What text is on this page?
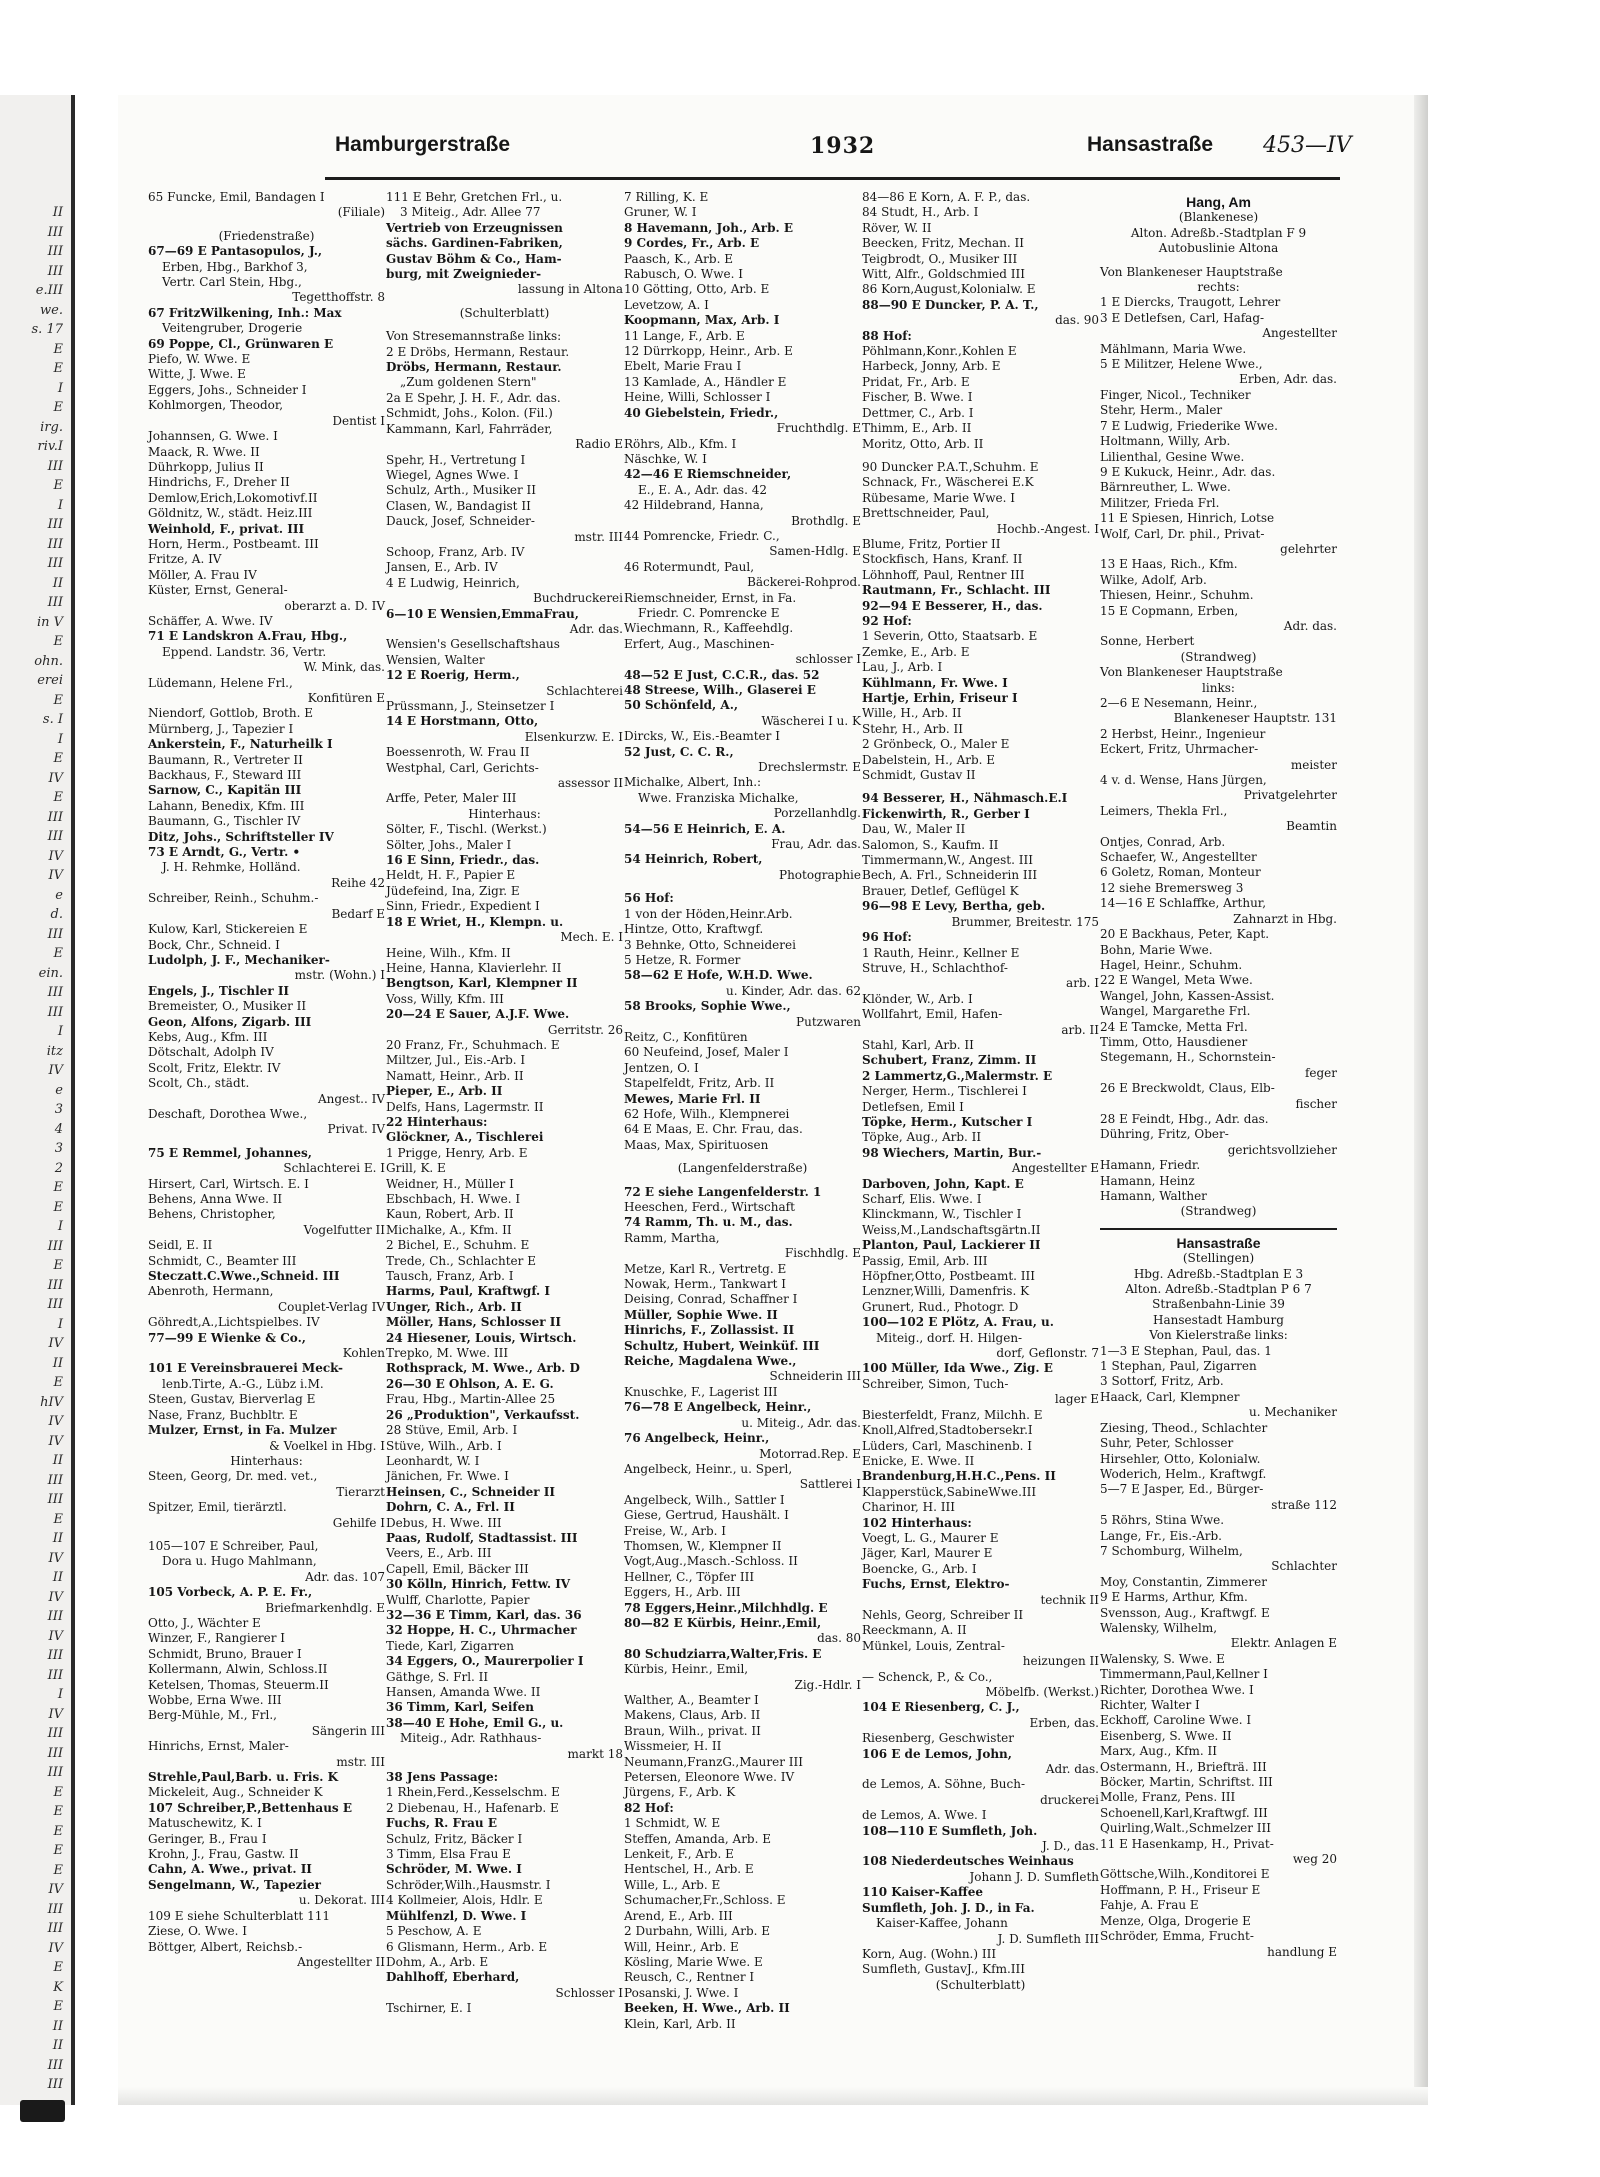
II
III
III
III
e.III
we.
s. 17
E
E
I
E
irg.
riv.I
III
E
I
III
III
III
II
III
in V
E
ohn.
erei
E
s. I
I
E
IV
E
III
III
IV
IV
e
d.
III
E
ein.
III
III
I
itz
IV
e
3
4
3
2
E
E
I
III
E
III
III
I
IV
II
E
hIV
IV
IV
II
III
III
E
II
IV
II
IV
III
IV
III
III
I
IV
III
III
III
E
E
E
E
E
IV
III
III
IV
E
K
E
II
II
III
III
Hamburgerstraße	1932	Hansastraße 453—IV
65 Funcke, Emil, Bandagen I
(Filiale)
(Friedenstraße)
67—69 E Pantasopulos, J.,
Erben, Hbg., Barkhof 3,
Vertr. Carl Stein, Hbg.,
Tegetthoffstr. 8
67 FritzWilkening, Inh.: Max
Veitengruber, Drogerie
69 Poppe, Cl., Grünwaren E
Piefo, W. Wwe. E
Witte, J. Wwe. E
Eggers, Johs., Schneider I
Kohlmorgen, Theodor,
Dentist I
Johannsen, G. Wwe. I
Maack, R. Wwe. II
Dührkopp, Julius II
Hindrichs, F., Dreher II
Demlow,Erich,Lokomotivf.II
Göldnitz, W., städt. Heiz.III
Weinhold, F., privat. III
Horn, Herm., Postbeamt. III
Fritze, A. IV
Möller, A. Frau IV
Küster, Ernst, General-
oberarzt a. D. IV
Schäffer, A. Wwe. IV
71 E Landskron A.Frau, Hbg.,
Eppend. Landstr. 36, Vertr.
W. Mink, das.
Lüdemann, Helene Frl.,
Konfitüren E
Niendorf, Gottlob, Broth. E
Mürnberg, J., Tapezier I
Ankerstein, F., Naturheilk I
Baumann, R., Vertreter II
Backhaus, F., Steward III
Sarnow, C., Kapitän III
Lahann, Benedix, Kfm. III
Baumann, G., Tischler IV
Ditz, Johs., Schriftsteller IV
73 E Arndt, G., Vertr. •
J. H. Rehmke, Holländ.
Reihe 42
Schreiber, Reinh., Schuhm.-
Bedarf E
Kulow, Karl, Stickereien E
Bock, Chr., Schneid. I
Ludolph, J. F., Mechaniker-
mstr. (Wohn.) I
Engels, J., Tischler II
Bremeister, O., Musiker II
Geon, Alfons, Zigarb. III
Kebs, Aug., Kfm. III
Dötschalt, Adolph IV
Scolt, Fritz, Elektr. IV
Scolt, Ch., städt.
Angest.. IV
Deschaft, Dorothea Wwe.,
Privat. IV
75 E Remmel, Johannes,
Schlachterei E. I
Hirsert, Carl, Wirtsch. E. I
Behens, Anna Wwe. II
Behens, Christopher,
Vogelfutter II
Seidl, E. II
Schmidt, C., Beamter III
Steczatt.C.Wwe.,Schneid. III
Abenroth, Hermann,
Couplet-Verlag IV
Göhredt,A.,Lichtspielbes. IV
77—99 E Wienke & Co.,
Kohlen
101 E Vereinsbrauerei Meck-
lenb.Tirte, A.-G., Lübz i.M.
Steen, Gustav, Bierverlag E
Nase, Franz, Buchbltr. E
Mulzer, Ernst, in Fa. Mulzer
& Voelkel in Hbg. I
Hinterhaus:
Steen, Georg, Dr. med. vet.,
Tierarzt
Spitzer, Emil, tierärztl.
Gehilfe I
105—107 E Schreiber, Paul,
Dora u. Hugo Mahlmann,
Adr. das. 107
105 Vorbeck, A. P. E. Fr.,
Briefmarkenhdlg. E
Otto, J., Wächter E
Winzer, F., Rangierer I
Schmidt, Bruno, Brauer I
Kollermann, Alwin, Schloss.II
Ketelsen, Thomas, Steuerm.II
Wobbe, Erna Wwe. III
Berg-Mühle, M., Frl.,
Sängerin III
Hinrichs, Ernst, Maler-
mstr. III
Strehle,Paul,Barb. u. Fris. K
Mickeleit, Aug., Schneider K
107 Schreiber,P.,Bettenhaus E
Matuschewitz, K. I
Geringer, B., Frau I
Krohn, J., Frau, Gastw. II
Cahn, A. Wwe., privat. II
Sengelmann, W., Tapezier
u. Dekorat. III
109 E siehe Schulterblatt 111
Ziese, O. Wwe. I
Böttger, Albert, Reichsb.-
Angestellter II
111 E Behr, Gretchen Frl., u.
3 Miteig., Adr. Allee 77
Vertrieb von Erzeugnissen
sächs. Gardinen-Fabriken,
Gustav Böhm & Co., Ham-
burg, mit Zweignieder-
lassung in Altona
(Schulterblatt)
Von Stresemannstraße links:
2 E Dröbs, Hermann, Restaur.
Dröbs, Hermann, Restaur.
„Zum goldenen Stern"
2a E Spehr, J. H. F., Adr. das.
Schmidt, Johs., Kolon. (Fil.)
Kammann, Karl, Fahrräder,
Radio E
Spehr, H., Vertretung I
Wiegel, Agnes Wwe. I
Schulz, Arth., Musiker II
Clasen, W., Bandagist II
Dauck, Josef, Schneider-
mstr. III
Schoop, Franz, Arb. IV
Jansen, E., Arb. IV
4 E Ludwig, Heinrich,
Buchdruckerei
6—10 E Wensien,EmmaFrau,
Adr. das.
Wensien's Gesellschaftshaus
Wensien, Walter
12 E Roerig, Herm.,
Schlachterei
Prüssmann, J., Steinsetzer I
14 E Horstmann, Otto,
Elsenkurzw. E. I
Boessenroth, W. Frau II
Westphal, Carl, Gerichts-
assessor II
Arffe, Peter, Maler III
Hinterhaus:
Sölter, F., Tischl. (Werkst.)
Sölter, Johs., Maler I
16 E Sinn, Friedr., das.
Heldt, H. F., Papier E
Jüdefeind, Ina, Zigr. E
Sinn, Friedr., Expedient I
18 E Wriet, H., Klempn. u.
Mech. E. I
Heine, Wilh., Kfm. II
Heine, Hanna, Klavierlehr. II
Bengtson, Karl, Klempner II
Voss, Willy, Kfm. III
20—24 E Sauer, A.J.F. Wwe.
Gerritstr. 26
20 Franz, Fr., Schuhmach. E
Miltzer, Jul., Eis.-Arb. I
Namatt, Heinr., Arb. II
Pieper, E., Arb. II
Delfs, Hans, Lagermstr. II
22 Hinterhaus:
Glöckner, A., Tischlerei
1 Prigge, Henry, Arb. E
Grill, K. E
Weidner, H., Müller I
Ebschbach, H. Wwe. I
Kaun, Robert, Arb. II
Michalke, A., Kfm. II
2 Bichel, E., Schuhm. E
Trede, Ch., Schlachter E
Tausch, Franz, Arb. I
Harms, Paul, Kraftwgf. I
Unger, Rich., Arb. II
Möller, Hans, Schlosser II
24 Hiesener, Louis, Wirtsch.
Trepko, M. Wwe. III
Rothsprack, M. Wwe., Arb. D
26—30 E Ohlson, A. E. G.
Frau, Hbg., Martin-Allee 25
26 „Produktion", Verkaufsst.
28 Stüve, Emil, Arb. I
Stüve, Wilh., Arb. I
Leonhardt, W. I
Jänichen, Fr. Wwe. I
Heinsen, C., Schneider II
Dohrn, C. A., Frl. II
Debus, H. Wwe. III
Paas, Rudolf, Stadtassist. III
Veers, E., Arb. III
Capell, Emil, Bäcker III
30 Kölln, Hinrich, Fettw. IV
Wulff, Charlotte, Papier
32—36 E Timm, Karl, das. 36
32 Hoppe, H. C., Uhrmacher
Tiede, Karl, Zigarren
34 Eggers, O., Maurerpolier I
Gäthge, S. Frl. II
Hansen, Amanda Wwe. II
36 Timm, Karl, Seifen
38—40 E Hohe, Emil G., u.
Miteig., Adr. Rathhaus-
markt 18
38 Jens Passage:
1 Rhein,Ferd.,Kesselschm. E
2 Diebenau, H., Hafenarb. E
Fuchs, R. Frau E
Schulz, Fritz, Bäcker I
3 Timm, Elsa Frau E
Schröder, M. Wwe. I
Schröder,Wilh.,Hausmstr. I
4 Kollmeier, Alois, Hdlr. E
Mühlfenzl, D. Wwe. I
5 Peschow, A. E
6 Glismann, Herm., Arb. E
Dohm, A., Arb. E
Dahlhoff, Eberhard,
Schlosser I
Tschirner, E. I
7 Rilling, K. E
Gruner, W. I
8 Havemann, Joh., Arb. E
9 Cordes, Fr., Arb. E
Paasch, K., Arb. E
Rabusch, O. Wwe. I
10 Götting, Otto, Arb. E
Levetzow, A. I
Koopmann, Max, Arb. I
11 Lange, F., Arb. E
12 Dürrkopp, Heinr., Arb. E
Ebelt, Marie Frau I
13 Kamlade, A., Händler E
Heine, Willi, Schlosser I
40 Giebelstein, Friedr.,
Fruchthdlg. E
Röhrs, Alb., Kfm. I
Näschke, W. I
42—46 E Riemschneider,
E., E. A., Adr. das. 42
42 Hildebrand, Hanna,
Brothdlg. E
44 Pomrencke, Friedr. C.,
Samen-Hdlg. E
46 Rotermundt, Paul,
Bäckerei-Rohprod.
Riemschneider, Ernst, in Fa.
Friedr. C. Pomrencke E
Wiechmann, R., Kaffeehdlg.
Erfert, Aug., Maschinen-
schlosser I
48—52 E Just, C.C.R., das. 52
48 Streese, Wilh., Glaserei E
50 Schönfeld, A.,
Wäscherei I u. K
Dircks, W., Eis.-Beamter I
52 Just, C. C. R.,
Drechslermstr. E
Michalke, Albert, Inh.:
Wwe. Franziska Michalke,
Porzellanhdlg.
54—56 E Heinrich, E. A.
Frau, Adr. das.
54 Heinrich, Robert,
Photographie
56 Hof:
1 von der Höden,Heinr.Arb.
Hintze, Otto, Kraftwgf.
3 Behnke, Otto, Schneiderei
5 Hetze, R. Former
58—62 E Hofe, W.H.D. Wwe.
u. Kinder, Adr. das. 62
58 Brooks, Sophie Wwe.,
Putzwaren
Reitz, C., Konfitüren
60 Neufeind, Josef, Maler I
Jentzen, O. I
Stapelfeldt, Fritz, Arb. II
Mewes, Marie Frl. II
62 Hofe, Wilh., Klempnerei
64 E Maas, E. Chr. Frau, das.
Maas, Max, Spirituosen
(Langenfelderstraße)
72 E siehe Langenfelderstr. 1
Heeschen, Ferd., Wirtschaft
74 Ramm, Th. u. M., das.
Ramm, Martha,
Fischhdlg. E
Metze, Karl R., Vertretg. E
Nowak, Herm., Tankwart I
Deising, Conrad, Schaffner I
Müller, Sophie Wwe. II
Hinrichs, F., Zollassist. II
Schultz, Hubert, Weinküf. III
Reiche, Magdalena Wwe.,
Schneiderin III
Knuschke, F., Lagerist III
76—78 E Angelbeck, Heinr.,
u. Miteig., Adr. das.
76 Angelbeck, Heinr.,
Motorrad.Rep. E
Angelbeck, Heinr., u. Sperl,
Sattlerei I
Angelbeck, Wilh., Sattler I
Giese, Gertrud, Haushält. I
Freise, W., Arb. I
Thomsen, W., Klempner II
Vogt,Aug.,Masch.-Schloss. II
Hellner, C., Töpfer III
Eggers, H., Arb. III
78 Eggers,Heinr.,Milchhdlg. E
80—82 E Kürbis, Heinr.,Emil,
das. 80
80 Schudziarra,Walter,Fris. E
Kürbis, Heinr., Emil,
Zig.-Hdlr. I
Walther, A., Beamter I
Makens, Claus, Arb. II
Braun, Wilh., privat. II
Wissmeier, H. II
Neumann,FranzG.,Maurer III
Petersen, Eleonore Wwe. IV
Jürgens, F., Arb. K
82 Hof:
1 Schmidt, W. E
Steffen, Amanda, Arb. E
Lenkeit, F., Arb. E
Hentschel, H., Arb. E
Wille, L., Arb. E
Schumacher,Fr.,Schloss. E
Arend, E., Arb. III
2 Durbahn, Willi, Arb. E
Will, Heinr., Arb. E
Kösling, Marie Wwe. E
Reusch, C., Rentner I
Posanski, J. Wwe. I
Beeken, H. Wwe., Arb. II
Klein, Karl, Arb. II
84—86 E Korn, A. F. P., das.
84 Studt, H., Arb. I
Röver, W. II
Beecken, Fritz, Mechan. II
Teigbrodt, O., Musiker III
Witt, Alfr., Goldschmied III
86 Korn,August,Kolonialw. E
88—90 E Duncker, P. A. T.,
das. 90
88 Hof:
Pöhlmann,Konr.,Kohlen E
Harbeck, Jonny, Arb. E
Pridat, Fr., Arb. E
Fischer, B. Wwe. I
Dettmer, C., Arb. I
Thimm, E., Arb. II
Moritz, Otto, Arb. II
90 Duncker P.A.T.,Schuhm. E
Schnack, Fr., Wäscherei E.K
Rübesame, Marie Wwe. I
Brettschneider, Paul,
Hochb.-Angest. I
Blume, Fritz, Portier II
Stockfisch, Hans, Kranf. II
Löhnhoff, Paul, Rentner III
Rautmann, Fr., Schlacht. III
92—94 E Besserer, H., das.
92 Hof:
1 Severin, Otto, Staatsarb. E
Zemke, E., Arb. E
Lau, J., Arb. I
Kühlmann, Fr. Wwe. I
Hartje, Erhin, Friseur I
Wille, H., Arb. II
Stehr, H., Arb. II
2 Grönbeck, O., Maler E
Dabelstein, H., Arb. E
Schmidt, Gustav II
94 Besserer, H., Nähmasch.E.I
Fickenwirth, R., Gerber I
Dau, W., Maler II
Salomon, S., Kaufm. II
Timmermann,W., Angest. III
Bech, A. Frl., Schneiderin III
Brauer, Detlef, Geflügel K
96—98 E Levy, Bertha, geb.
Brummer, Breitestr. 175
96 Hof:
1 Rauth, Heinr., Kellner E
Struve, H., Schlachthof-
arb. I
Klönder, W., Arb. I
Wollfahrt, Emil, Hafen-
arb. II
Stahl, Karl, Arb. II
Schubert, Franz, Zimm. II
2 Lammertz,G.,Malermstr. E
Nerger, Herm., Tischlerei I
Detlefsen, Emil I
Töpke, Herm., Kutscher I
Töpke, Aug., Arb. II
98 Wiechers, Martin, Bur.-
Angestellter E
Darboven, John, Kapt. E
Scharf, Elis. Wwe. I
Klinckmann, W., Tischler I
Weiss,M.,Landschaftsgärtn.II
Planton, Paul, Lackierer II
Passig, Emil, Arb. III
Höpfner,Otto, Postbeamt. III
Lenzner,Willi, Damenfris. K
Grunert, Rud., Photogr. D
100—102 E Plötz, A. Frau, u.
Miteig., dorf. H. Hilgen-
dorf, Geflonstr. 7
100 Müller, Ida Wwe., Zig. E
Schreiber, Simon, Tuch-
lager E
Biesterfeldt, Franz, Milchh. E
Knoll,Alfred,Stadtobersekr.I
Lüders, Carl, Maschinenb. I
Enicke, E. Wwe. II
Brandenburg,H.H.C.,Pens. II
Klapperstück,SabineWwe.III
Charinor, H. III
102 Hinterhaus:
Voegt, L. G., Maurer E
Jäger, Karl, Maurer E
Boencke, G., Arb. I
Fuchs, Ernst, Elektro-
technik II
Nehls, Georg, Schreiber II
Reeckmann, A. II
Münkel, Louis, Zentral-
heizungen II
— Schenck, P., & Co.,
Möbelfb. (Werkst.)
104 E Riesenberg, C. J.,
Erben, das.
Riesenberg, Geschwister
106 E de Lemos, John,
Adr. das.
de Lemos, A. Söhne, Buch-
druckerei
de Lemos, A. Wwe. I
108—110 E Sumfleth, Joh.
J. D., das.
108 Niederdeutsches Weinhaus
Johann J. D. Sumfleth
110 Kaiser-Kaffee
Sumfleth, Joh. J. D., in Fa.
Kaiser-Kaffee, Johann
J. D. Sumfleth III
Korn, Aug. (Wohn.) III
Sumfleth, GustavJ., Kfm.III
(Schulterblatt)
Hang, Am
(Blankenese)
Alton. Adreßb.-Stadtplan F 9
Autobuslinie Altona
Von Blankeneser Hauptstraße
rechts:
1 E Diercks, Traugott, Lehrer
3 E Detlefsen, Carl, Hafag-
Angestellter
Mählmann, Maria Wwe.
5 E Militzer, Helene Wwe.,
Erben, Adr. das.
Finger, Nicol., Techniker
Stehr, Herm., Maler
7 E Ludwig, Friederike Wwe.
Holtmann, Willy, Arb.
Lilienthal, Gesine Wwe.
9 E Kukuck, Heinr., Adr. das.
Bärnreuther, L. Wwe.
Militzer, Frieda Frl.
11 E Spiesen, Hinrich, Lotse
Wolf, Carl, Dr. phil., Privat-
gelehrter
13 E Haas, Rich., Kfm.
Wilke, Adolf, Arb.
Thiesen, Heinr., Schuhm.
15 E Copmann, Erben,
Adr. das.
Sonne, Herbert
(Strandweg)
Von Blankeneser Hauptstraße
links:
2—6 E Nesemann, Heinr.,
Blankeneser Hauptstr. 131
2 Herbst, Heinr., Ingenieur
Eckert, Fritz, Uhrmacher-
meister
4 v. d. Wense, Hans Jürgen,
Privatgelehrter
Leimers, Thekla Frl.,
Beamtin
Ontjes, Conrad, Arb.
Schaefer, W., Angestellter
6 Goletz, Roman, Monteur
12 siehe Bremersweg 3
14—16 E Schlaffke, Arthur,
Zahnarzt in Hbg.
20 E Backhaus, Peter, Kapt.
Bohn, Marie Wwe.
Hagel, Heinr., Schuhm.
22 E Wangel, Meta Wwe.
Wangel, John, Kassen-Assist.
Wangel, Margarethe Frl.
24 E Tamcke, Metta Frl.
Timm, Otto, Hausdiener
Stegemann, H., Schornstein-
feger
26 E Breckwoldt, Claus, Elb-
fischer
28 E Feindt, Hbg., Adr. das.
Dühring, Fritz, Ober-
gerichtsvollzieher
Hamann, Friedr.
Hamann, Heinz
Hamann, Walther
(Strandweg)
Hansastraße
(Stellingen)
Hbg. Adreßb.-Stadtplan E 3
Alton. Adreßb.-Stadtplan P 6 7
Straßenbahn-Linie 39
Hansestadt Hamburg
Von Kielerstraße links:
1—3 E Stephan, Paul, das. 1
1 Stephan, Paul, Zigarren
3 Sottorf, Fritz, Arb.
Haack, Carl, Klempner
u. Mechaniker
Ziesing, Theod., Schlachter
Suhr, Peter, Schlosser
Hirsehler, Otto, Kolonialw.
Woderich, Helm., Kraftwgf.
5—7 E Jasper, Ed., Bürger-
straße 112
5 Röhrs, Stina Wwe.
Lange, Fr., Eis.-Arb.
7 Schomburg, Wilhelm,
Schlachter
Moy, Constantin, Zimmerer
9 E Harms, Arthur, Kfm.
Svensson, Aug., Kraftwgf. E
Walensky, Wilhelm,
Elektr. Anlagen E
Walensky, S. Wwe. E
Timmermann,Paul,Kellner I
Richter, Dorothea Wwe. I
Richter, Walter I
Eckhoff, Caroline Wwe. I
Eisenberg, S. Wwe. II
Marx, Aug., Kfm. II
Ostermann, H., Briefträ. III
Böcker, Martin, Schriftst. III
Molle, Franz, Pens. III
Schoenell,Karl,Kraftwgf. III
Quirling,Walt.,Schmelzer III
11 E Hasenkamp, H., Privat-
weg 20
Göttsche,Wilh.,Konditorei E
Hoffmann, P. H., Friseur E
Fahje, A. Frau E
Menze, Olga, Drogerie E
Schröder, Emma, Frucht-
handlung E
